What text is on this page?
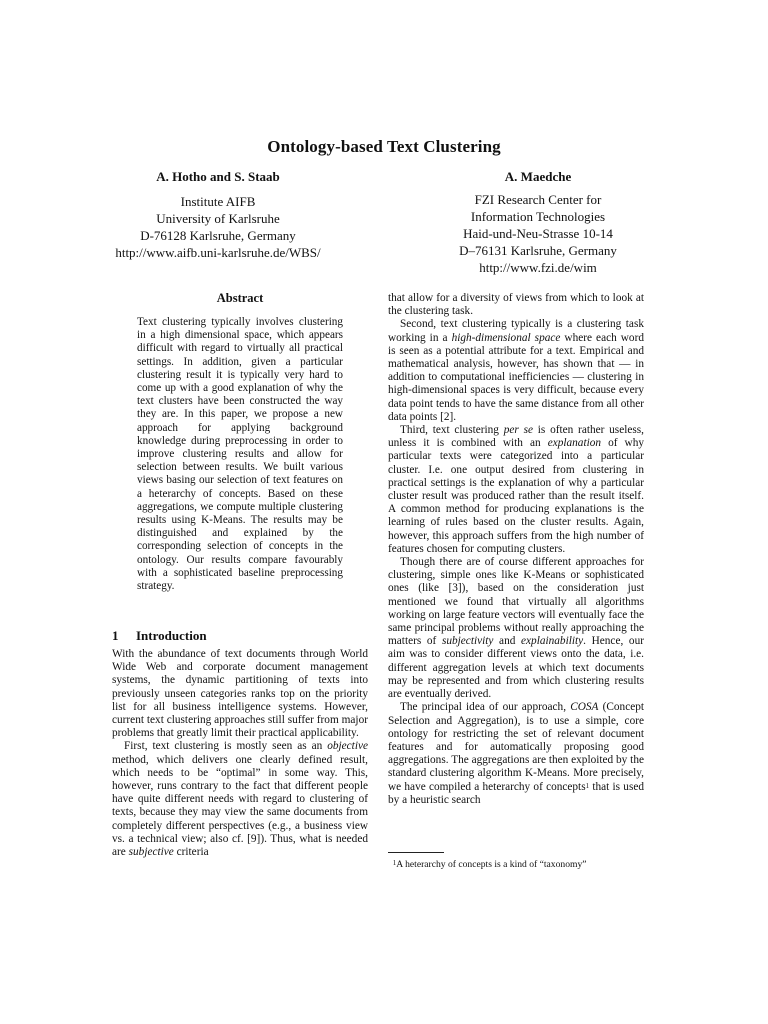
Ontology-based Text Clustering
A. Hotho and S. Staab
Institute AIFB
University of Karlsruhe
D-76128 Karlsruhe, Germany
http://www.aifb.uni-karlsruhe.de/WBS/
A. Maedche
FZI Research Center for
Information Technologies
Haid-und-Neu-Strasse 10-14
D–76131 Karlsruhe, Germany
http://www.fzi.de/wim
Abstract
Text clustering typically involves clustering in a high dimensional space, which appears difficult with regard to virtually all practical settings. In addition, given a particular clustering result it is typically very hard to come up with a good explanation of why the text clusters have been constructed the way they are. In this paper, we propose a new approach for applying background knowledge during preprocessing in order to improve clustering results and allow for selection between results. We built various views basing our selection of text features on a heterarchy of concepts. Based on these aggregations, we compute multiple clustering results using K-Means. The results may be distinguished and explained by the corresponding selection of concepts in the ontology. Our results compare favourably with a sophisticated baseline preprocessing strategy.
1 Introduction

With the abundance of text documents through World Wide Web and corporate document management systems, the dynamic partitioning of texts into previously unseen categories ranks top on the priority list for all business intelligence systems. However, current text clustering approaches still suffer from major problems that greatly limit their practical applicability.

First, text clustering is mostly seen as an objective method, which delivers one clearly defined result, which needs to be “optimal” in some way. This, however, runs contrary to the fact that different people have quite different needs with regard to clustering of texts, because they may view the same documents from completely different perspectives (e.g., a business view vs. a technical view; also cf. [9]). Thus, what is needed are subjective criteria

that allow for a diversity of views from which to look at the clustering task.

Second, text clustering typically is a clustering task working in a high-dimensional space where each word is seen as a potential attribute for a text. Empirical and mathematical analysis, however, has shown that — in addition to computational inefficiencies — clustering in high-dimensional spaces is very difficult, because every data point tends to have the same distance from all other data points [2].

Third, text clustering per se is often rather useless, unless it is combined with an explanation of why particular texts were categorized into a particular cluster. I.e. one output desired from clustering in practical settings is the explanation of why a particular cluster result was produced rather than the result itself. A common method for producing explanations is the learning of rules based on the cluster results. Again, however, this approach suffers from the high number of features chosen for computing clusters.

Though there are of course different approaches for clustering, simple ones like K-Means or sophisticated ones (like [3]), based on the consideration just mentioned we found that virtually all algorithms working on large feature vectors will eventually face the same principal problems without really approaching the matters of subjectivity and explainability. Hence, our aim was to consider different views onto the data, i.e. different aggregation levels at which text documents may be represented and from which clustering results are eventually derived.

The principal idea of our approach, COSA (Concept Selection and Aggregation), is to use a simple, core ontology for restricting the set of relevant document features and for automatically proposing good aggregations. The aggregations are then exploited by the standard clustering algorithm K-Means. More precisely, we have compiled a heterarchy of concepts$^1$ that is used by a heuristic search

$^1$A heterarchy of concepts is a kind of “taxonomy”
